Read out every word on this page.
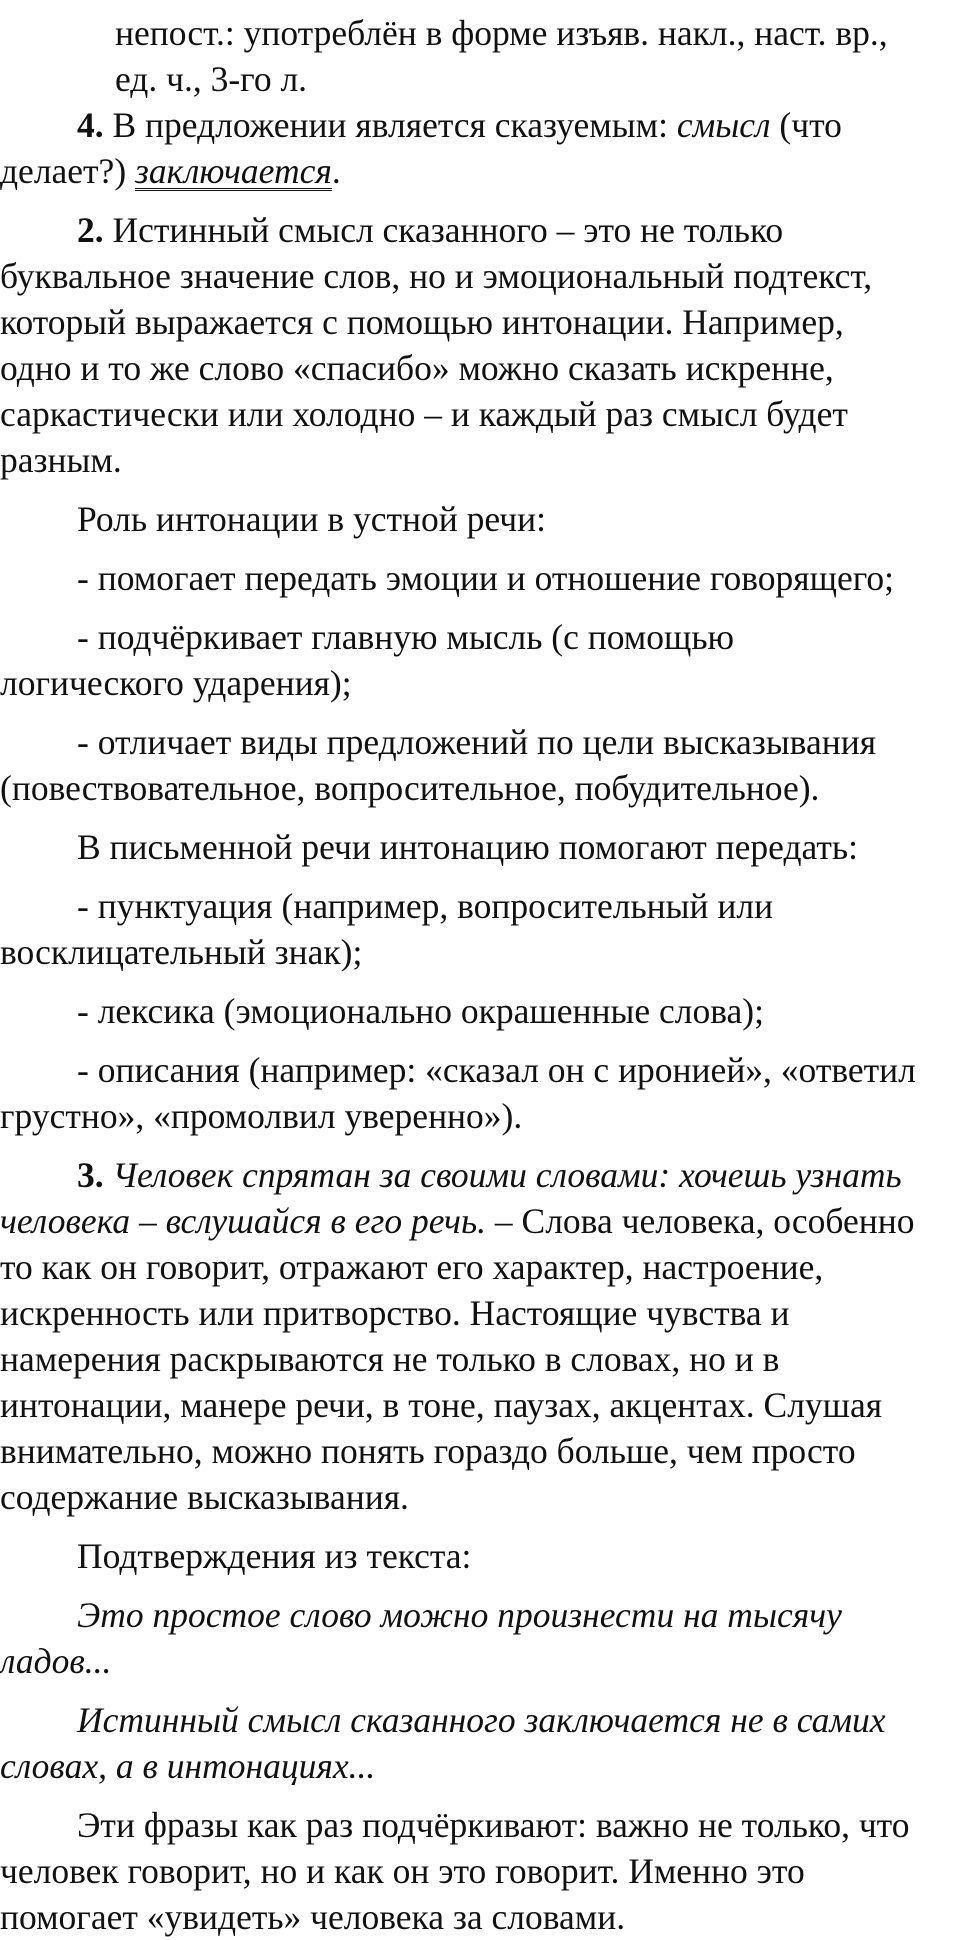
непост.: употреблён в форме изъяв. накл., наст. вр.,
ед. ч., 3-го л.
4. В предложении является сказуемым: смысл (что
делает?) заключается.
2. Истинный смысл сказанного – это не только
буквальное значение слов, но и эмоциональный подтекст,
который выражается с помощью интонации. Например,
одно и то же слово «спасибо» можно сказать искренне,
саркастически или холодно – и каждый раз смысл будет
разным.
Роль интонации в устной речи:
- помогает передать эмоции и отношение говорящего;
- подчёркивает главную мысль (с помощью
логического ударения);
- отличает виды предложений по цели высказывания
(повествовательное, вопросительное, побудительное).
В письменной речи интонацию помогают передать:
- пунктуация (например, вопросительный или
восклицательный знак);
- лексика (эмоционально окрашенные слова);
- описания (например: «сказал он с иронией», «ответил
грустно», «промолвил уверенно»).
3. Человек спрятан за своими словами: хочешь узнать
человека – вслушайся в его речь. – Слова человека, особенно
то как он говорит, отражают его характер, настроение,
искренность или притворство. Настоящие чувства и
намерения раскрываются не только в словах, но и в
интонации, манере речи, в тоне, паузах, акцентах. Слушая
внимательно, можно понять гораздо больше, чем просто
содержание высказывания.
Подтверждения из текста:
Это простое слово можно произнести на тысячу
ладов...
Истинный смысл сказанного заключается не в самих
словах, а в интонациях...
Эти фразы как раз подчёркивают: важно не только, что
человек говорит, но и как он это говорит. Именно это
помогает «увидеть» человека за словами.
